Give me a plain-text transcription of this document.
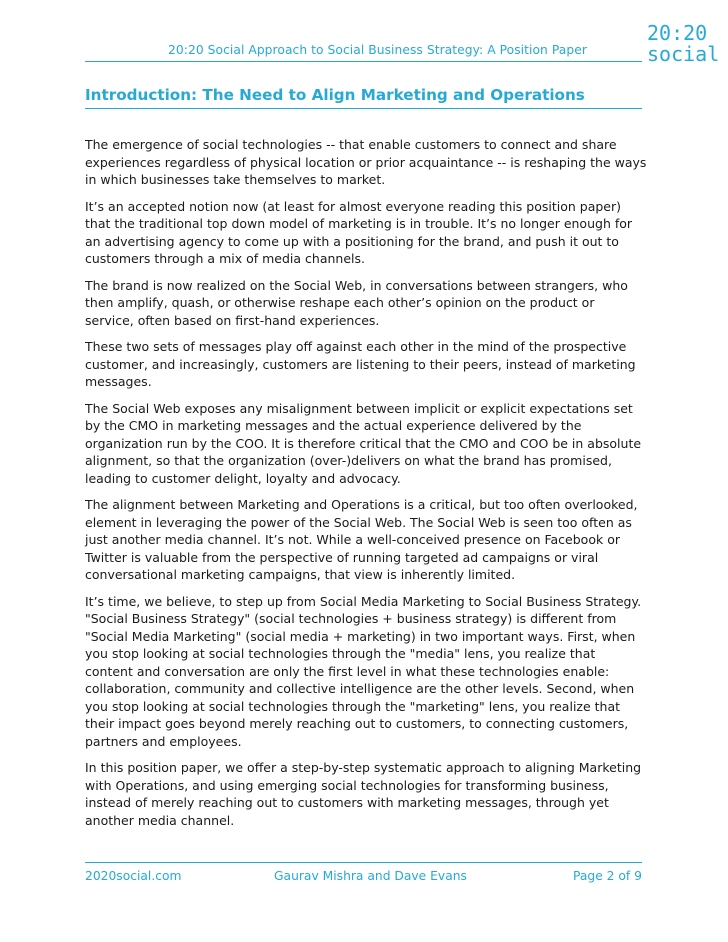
20:20 Social Approach to Social Business Strategy: A Position Paper
20:20
social
Introduction: The Need to Align Marketing and Operations

The emergence of social technologies -- that enable customers to connect and share experiences regardless of physical location or prior acquaintance -- is reshaping the ways in which businesses take themselves to market.

It’s an accepted notion now (at least for almost everyone reading this position paper) that the traditional top down model of marketing is in trouble. It’s no longer enough for an advertising agency to come up with a positioning for the brand, and push it out to customers through a mix of media channels.

The brand is now realized on the Social Web, in conversations between strangers, who then amplify, quash, or otherwise reshape each other’s opinion on the product or service, often based on first-hand experiences.

These two sets of messages play off against each other in the mind of the prospective customer, and increasingly, customers are listening to their peers, instead of marketing messages.

The Social Web exposes any misalignment between implicit or explicit expectations set by the CMO in marketing messages and the actual experience delivered by the organization run by the COO. It is therefore critical that the CMO and COO be in absolute alignment, so that the organization (over-)delivers on what the brand has promised, leading to customer delight, loyalty and advocacy.

The alignment between Marketing and Operations is a critical, but too often overlooked, element in leveraging the power of the Social Web. The Social Web is seen too often as just another media channel. It’s not. While a well-conceived presence on Facebook or Twitter is valuable from the perspective of running targeted ad campaigns or viral conversational marketing campaigns, that view is inherently limited.

It’s time, we believe, to step up from Social Media Marketing to Social Business Strategy. "Social Business Strategy" (social technologies + business strategy) is different from "Social Media Marketing" (social media + marketing) in two important ways. First, when you stop looking at social technologies through the "media" lens, you realize that content and conversation are only the first level in what these technologies enable: collaboration, community and collective intelligence are the other levels. Second, when you stop looking at social technologies through the "marketing" lens, you realize that their impact goes beyond merely reaching out to customers, to connecting customers, partners and employees.

In this position paper, we offer a step-by-step systematic approach to aligning Marketing with Operations, and using emerging social technologies for transforming business, instead of merely reaching out to customers with marketing messages, through yet another media channel.

2020social.com	Gaurav Mishra and Dave Evans	Page 2 of 9
